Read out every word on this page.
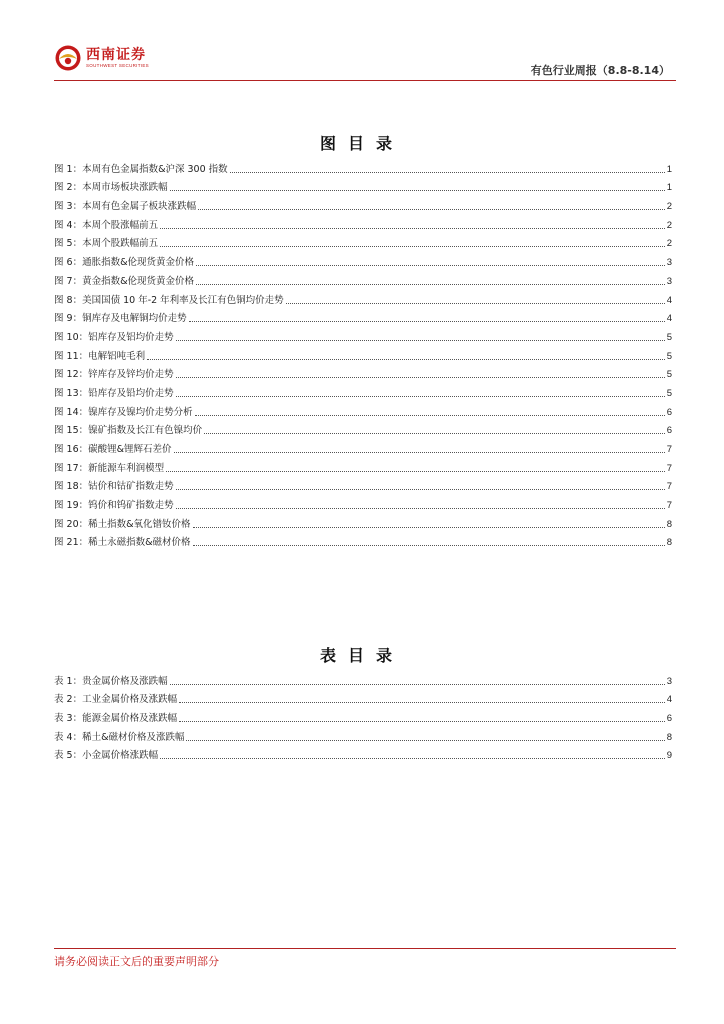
西南证券
SOUTHWEST SECURITIES	有色行业周报（8.8-8.14）
图目录
图 1：本周有色金属指数&沪深 300 指数	1
图 2：本周市场板块涨跌幅	1
图 3：本周有色金属子板块涨跌幅	2
图 4：本周个股涨幅前五	2
图 5：本周个股跌幅前五	2
图 6：通胀指数&伦现货黄金价格	3
图 7：黄金指数&伦现货黄金价格	3
图 8：美国国债 10 年-2 年利率及长江有色铜均价走势	4
图 9：铜库存及电解铜均价走势	4
图 10：铝库存及铝均价走势	5
图 11：电解铝吨毛利	5
图 12：锌库存及锌均价走势	5
图 13：铅库存及铅均价走势	5
图 14：镍库存及镍均价走势分析	6
图 15：镍矿指数及长江有色镍均价	6
图 16：碳酸锂&锂辉石差价	7
图 17：新能源车利润模型	7
图 18：钴价和钴矿指数走势	7
图 19：钨价和钨矿指数走势	7
图 20：稀土指数&氧化镨钕价格	8
图 21：稀土永磁指数&磁材价格	8
表目录
表 1：贵金属价格及涨跌幅	3
表 2：工业金属价格及涨跌幅	4
表 3：能源金属价格及涨跌幅	6
表 4：稀土&磁材价格及涨跌幅	8
表 5：小金属价格涨跌幅	9
请务必阅读正文后的重要声明部分
